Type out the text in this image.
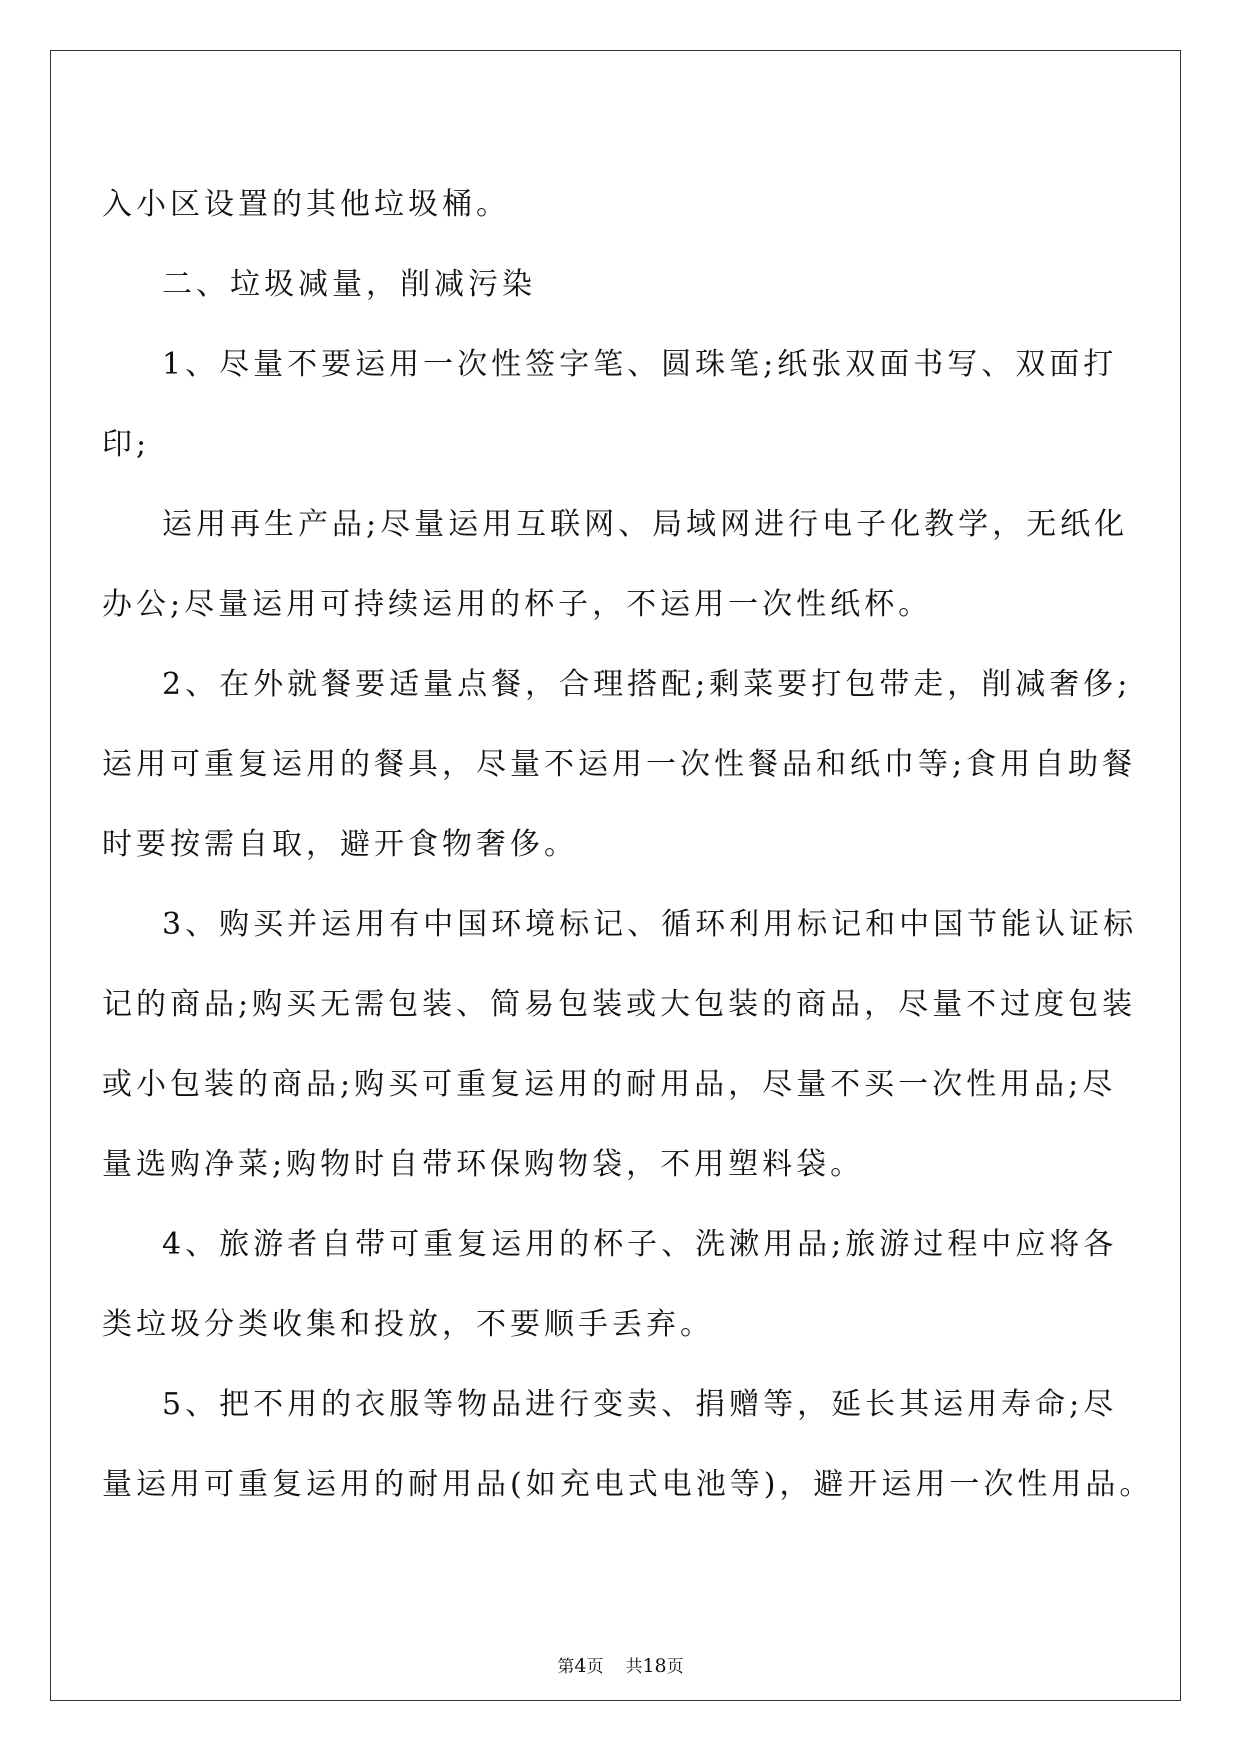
入小区设置的其他垃圾桶。

二、垃圾减量，削减污染

1、尽量不要运用一次性签字笔、圆珠笔;纸张双面书写、双面打

印;

运用再生产品;尽量运用互联网、局域网进行电子化教学，无纸化

办公;尽量运用可持续运用的杯子，不运用一次性纸杯。

2、在外就餐要适量点餐，合理搭配;剩菜要打包带走，削减奢侈;

运用可重复运用的餐具，尽量不运用一次性餐品和纸巾等;食用自助餐

时要按需自取，避开食物奢侈。

3、购买并运用有中国环境标记、循环利用标记和中国节能认证标

记的商品;购买无需包装、简易包装或大包装的商品，尽量不过度包装

或小包装的商品;购买可重复运用的耐用品，尽量不买一次性用品;尽

量选购净菜;购物时自带环保购物袋，不用塑料袋。

4、旅游者自带可重复运用的杯子、洗漱用品;旅游过程中应将各

类垃圾分类收集和投放，不要顺手丢弃。

5、把不用的衣服等物品进行变卖、捐赠等，延长其运用寿命;尽

量运用可重复运用的耐用品(如充电式电池等)，避开运用一次性用品。

第4页 共18页
